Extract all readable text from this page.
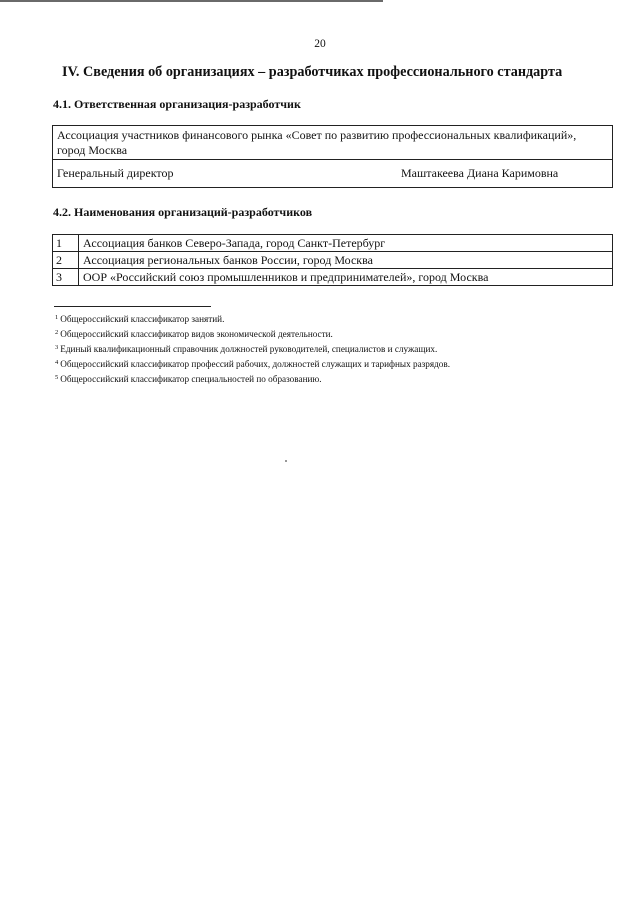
20
IV. Сведения об организациях – разработчиках профессионального стандарта
4.1. Ответственная организация-разработчик
Ассоциация участников финансового рынка «Совет по развитию профессиональных квалификаций», город Москва
Генеральный директор	Маштакеева Диана Каримовна
4.2. Наименования организаций-разработчиков
1	Ассоциация банков Северо-Запада, город Санкт-Петербург
2	Ассоциация региональных банков России, город Москва
3	ООР «Российский союз промышленников и предпринимателей», город Москва
$^1$ Общероссийский классификатор занятий.
$^2$ Общероссийский классификатор видов экономической деятельности.
$^3$ Единый квалификационный справочник должностей руководителей, специалистов и служащих.
$^4$ Общероссийский классификатор профессий рабочих, должностей служащих и тарифных разрядов.
$^5$ Общероссийский классификатор специальностей по образованию.
